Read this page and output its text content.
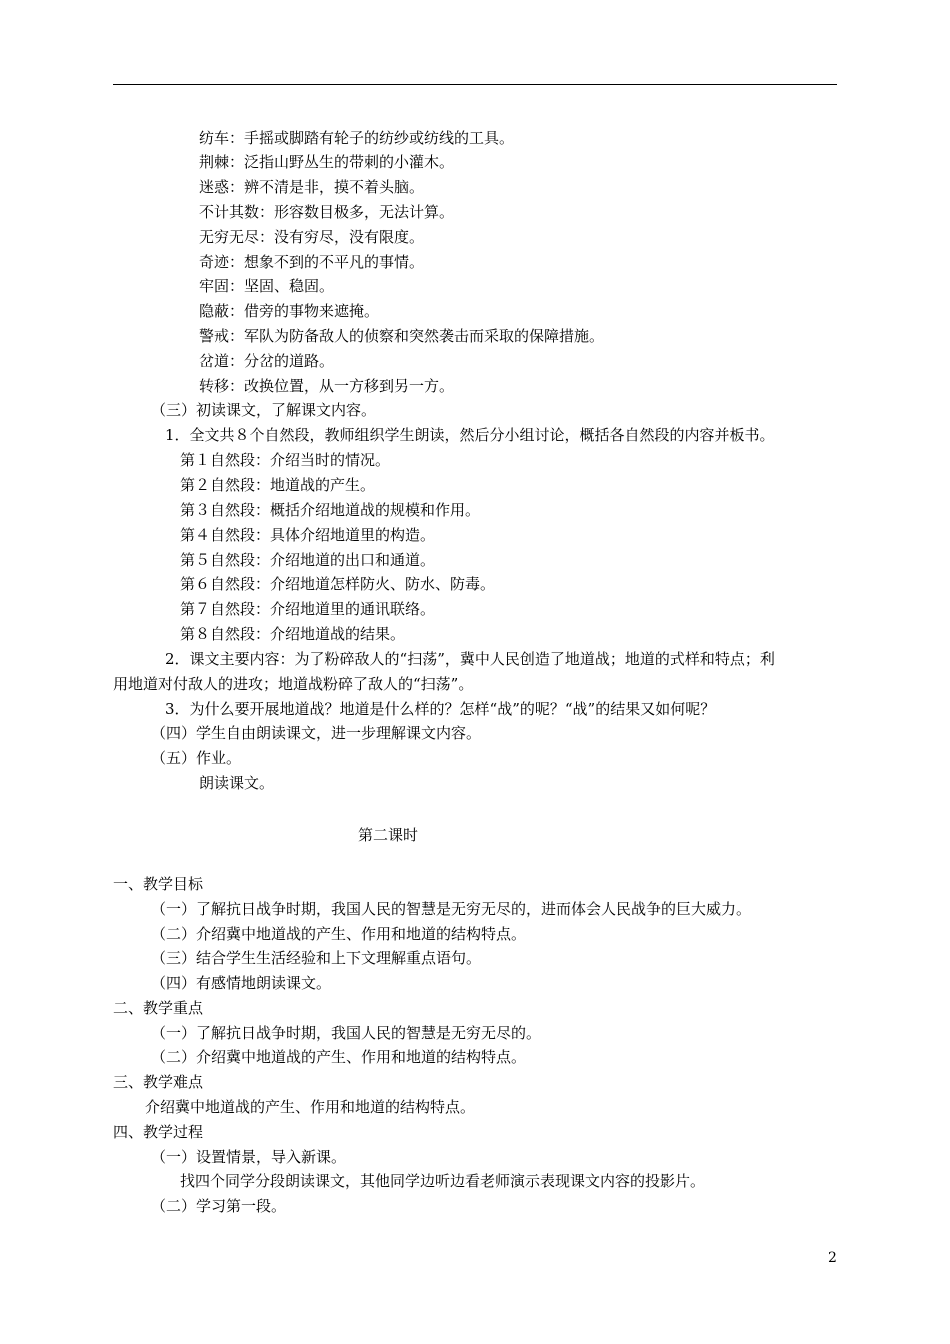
纺车：手摇或脚踏有轮子的纺纱或纺线的工具。
荆棘：泛指山野丛生的带刺的小灌木。
迷惑：辨不清是非，摸不着头脑。
不计其数：形容数目极多，无法计算。
无穷无尽：没有穷尽，没有限度。
奇迹：想象不到的不平凡的事情。
牢固：坚固、稳固。
隐蔽：借旁的事物来遮掩。
警戒：军队为防备敌人的侦察和突然袭击而采取的保障措施。
岔道：分岔的道路。
转移：改换位置，从一方移到另一方。
（三）初读课文，了解课文内容。
1．全文共８个自然段，教师组织学生朗读，然后分小组讨论，概括各自然段的内容并板书。
第１自然段：介绍当时的情况。
第２自然段：地道战的产生。
第３自然段：概括介绍地道战的规模和作用。
第４自然段：具体介绍地道里的构造。
第５自然段：介绍地道的出口和通道。
第６自然段：介绍地道怎样防火、防水、防毒。
第７自然段：介绍地道里的通讯联络。
第８自然段：介绍地道战的结果。
2．课文主要内容：为了粉碎敌人的“扫荡”，冀中人民创造了地道战；地道的式样和特点；利
用地道对付敌人的进攻；地道战粉碎了敌人的“扫荡”。
3．为什么要开展地道战？地道是什么样的？怎样“战”的呢？“战”的结果又如何呢？
（四）学生自由朗读课文，进一步理解课文内容。
（五）作业。
朗读课文。
第二课时
一、教学目标
（一）了解抗日战争时期，我国人民的智慧是无穷无尽的，进而体会人民战争的巨大威力。
（二）介绍冀中地道战的产生、作用和地道的结构特点。
（三）结合学生生活经验和上下文理解重点语句。
（四）有感情地朗读课文。
二、教学重点
（一）了解抗日战争时期，我国人民的智慧是无穷无尽的。
（二）介绍冀中地道战的产生、作用和地道的结构特点。
三、教学难点
介绍冀中地道战的产生、作用和地道的结构特点。
四、教学过程
（一）设置情景，导入新课。
找四个同学分段朗读课文，其他同学边听边看老师演示表现课文内容的投影片。
（二）学习第一段。
2
